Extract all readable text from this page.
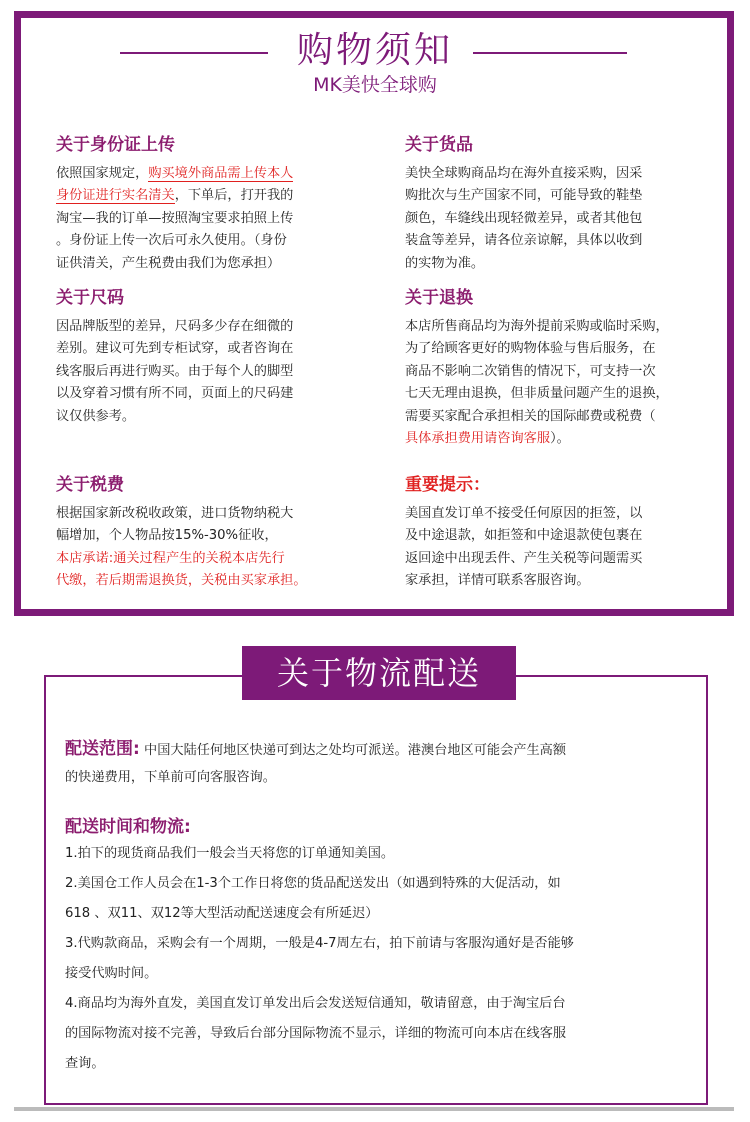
购物须知
MK美快全球购
关于身份证上传
依照国家规定，购买境外商品需上传本人
身份证进行实名清关，下单后，打开我的
淘宝—我的订单—按照淘宝要求拍照上传
。身份证上传一次后可永久使用。（身份
证供清关，产生税费由我们为您承担）
关于货品
美快全球购商品均在海外直接采购，因采
购批次与生产国家不同，可能导致的鞋垫
颜色，车缝线出现轻微差异，或者其他包
装盒等差异，请各位亲谅解，具体以收到
的实物为准。
关于尺码
因品牌版型的差异，尺码多少存在细微的
差别。建议可先到专柜试穿，或者咨询在
线客服后再进行购买。由于每个人的脚型
以及穿着习惯有所不同，页面上的尺码建
议仅供参考。
关于退换
本店所售商品均为海外提前采购或临时采购，
为了给顾客更好的购物体验与售后服务，在
商品不影响二次销售的情况下，可支持一次
七天无理由退换，但非质量问题产生的退换，
需要买家配合承担相关的国际邮费或税费（
具体承担费用请咨询客服）。
关于税费
根据国家新改税收政策，进口货物纳税大
幅增加，个人物品按15%-30%征收，
本店承诺:通关过程产生的关税本店先行
代缴，若后期需退换货，关税由买家承担。
重要提示：
美国直发订单不接受任何原因的拒签，以
及中途退款，如拒签和中途退款使包裹在
返回途中出现丢件、产生关税等问题需买
家承担，详情可联系客服咨询。
关于物流配送
配送范围: 中国大陆任何地区快递可到达之处均可派送。港澳台地区可能会产生高额
的快递费用，下单前可向客服咨询。
配送时间和物流:
1.拍下的现货商品我们一般会当天将您的订单通知美国。
2.美国仓工作人员会在1-3个工作日将您的货品配送发出（如遇到特殊的大促活动，如
618 、双11、双12等大型活动配送速度会有所延迟）
3.代购款商品，采购会有一个周期，一般是4-7周左右，拍下前请与客服沟通好是否能够
接受代购时间。
4.商品均为海外直发，美国直发订单发出后会发送短信通知，敬请留意，由于淘宝后台
的国际物流对接不完善，导致后台部分国际物流不显示，详细的物流可向本店在线客服
查询。
